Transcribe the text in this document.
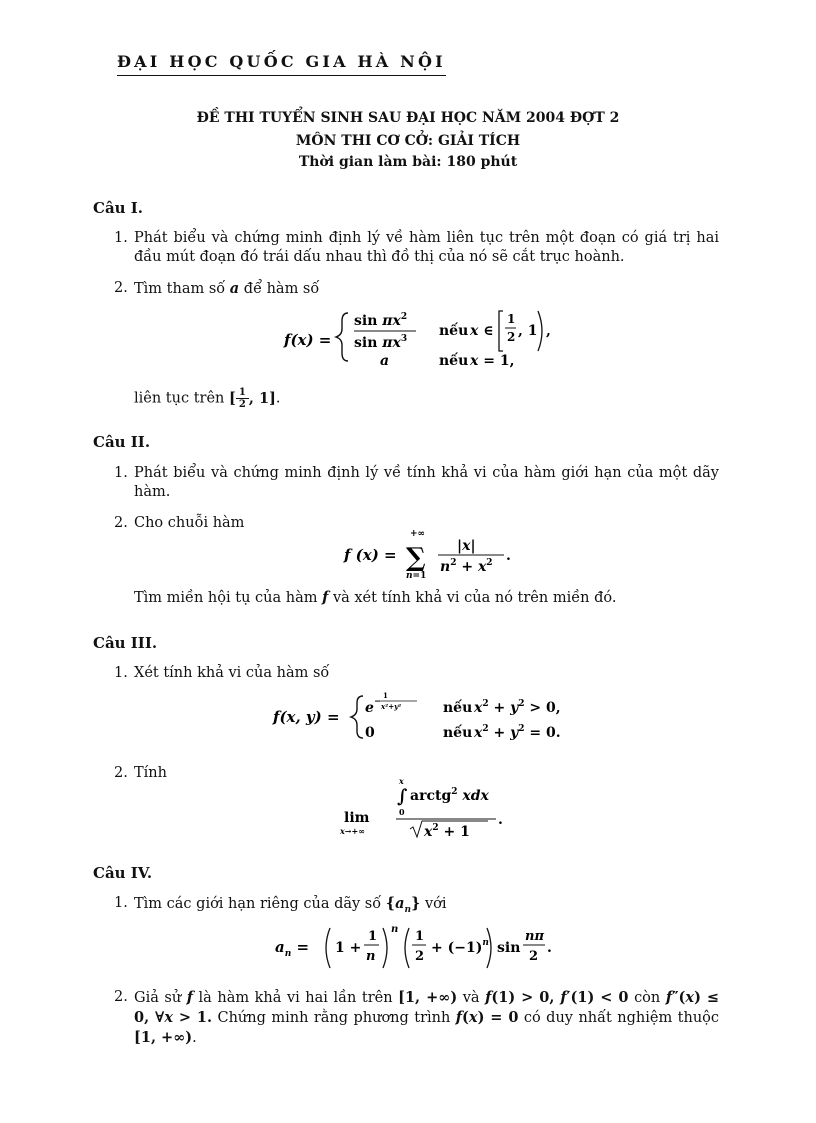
ĐẠI HỌC QUỐC GIA HÀ NỘI
ĐỀ THI TUYỂN SINH SAU ĐẠI HỌC NĂM 2004 ĐỢT 2
MÔN THI CƠ CỞ: GIẢI TÍCH
Thời gian làm bài: 180 phút
Câu I.
1. Phát biểu và chứng minh định lý về hàm liên tục trên một đoạn có giá trị hai đầu mút đoạn đó trái dấu nhau thì đồ thị của nó sẽ cắt trục hoành.
2. Tìm tham số a để hàm số
f(x) =
$\sin \pi x^2$
$\sin \pi x^3$
a
nếu x ∈
1
2 , 1 ,
nếu x = 1,
liên tục trên [ $\frac{1}{2}$ , 1].
Câu II.
1. Phát biểu và chứng minh định lý về tính khả vi của hàm giới hạn của một dãy hàm.
2. Cho chuỗi hàm
f (x) =
+∞
∑
n=1
|x|
$n^2 + x^2$ .
Tìm miền hội tụ của hàm f và xét tính khả vi của nó trên miền đó.
Câu III.
1. Xét tính khả vi của hàm số
f(x, y) = e −
1
x²+y²
0
nếu $x^2 + y^2 > 0$,
nếu $x^2 + y^2 = 0$.
2. Tính
lim
x→+∞
x
∫
0
arctg$^2$ xdx
$x^2 + 1$
.
Câu IV.
1. Tìm các giới hạn riêng của dãy số $\{a_n\}$ với
$a_n = 1$ +
1
n
n 1
2
+ $(-1)^n$ sin
nπ
2
.
2. Giả sử f là hàm khả vi hai lần trên [1, +∞) và f(1) > 0, f′(1) < 0 còn f″(x) ≤ 0, ∀x > 1. Chứng minh rằng phương trình f(x) = 0 có duy nhất nghiệm thuộc [1, +∞).
